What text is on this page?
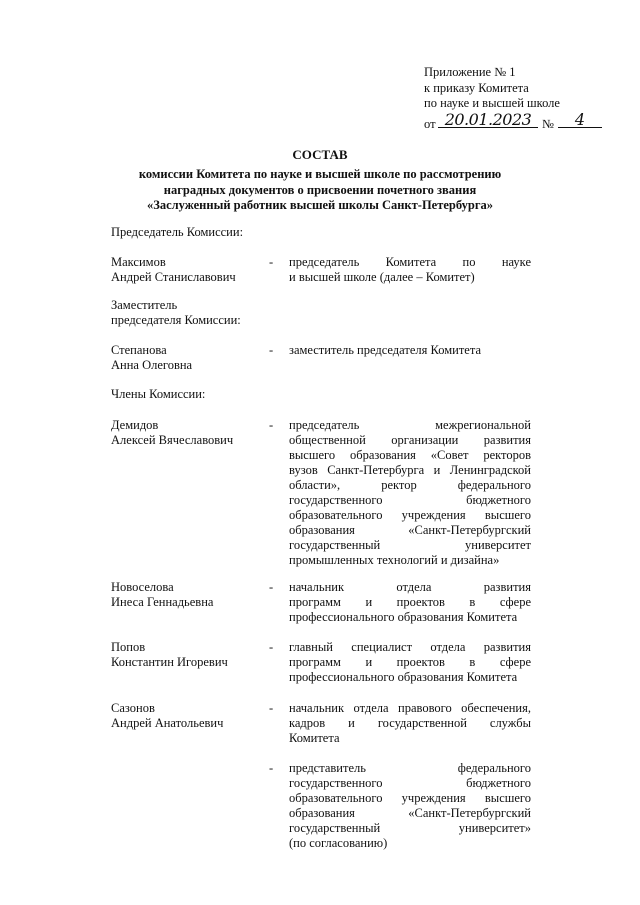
Приложение № 1
к приказу Комитета
по науке и высшей школе
от 20.01.2023 №	4
СОСТАВ
комиссии Комитета по науке и высшей школе по рассмотрению
наградных документов о присвоении почетного звания
«Заслуженный работник высшей школы Санкт-Петербурга»
Председатель Комиссии:
Максимов
Андрей Станиславович
- председатель Комитета по науке
и высшей школе (далее – Комитет)
Заместитель
председателя Комиссии:
Степанова
Анна Олеговна
- заместитель председателя Комитета
Члены Комиссии:
Демидов
Алексей Вячеславович
- председатель межрегиональной
общественной организации развития
высшего образования «Совет ректоров
вузов Санкт-Петербурга и Ленинградской
области», ректор федерального
государственного бюджетного
образовательного учреждения высшего
образования «Санкт-Петербургский
государственный университет
промышленных технологий и дизайна»
Новоселова
Инеса Геннадьевна
- начальник отдела развития
программ и проектов в сфере
профессионального образования Комитета
Попов
Константин Игоревич
- главный специалист отдела развития
программ и проектов в сфере
профессионального образования Комитета
Сазонов
Андрей Анатольевич
- начальник отдела правового обеспечения,
кадров и государственной службы
Комитета
- представитель федерального
государственного бюджетного
образовательного учреждения высшего
образования «Санкт-Петербургский
государственный университет»
(по согласованию)
